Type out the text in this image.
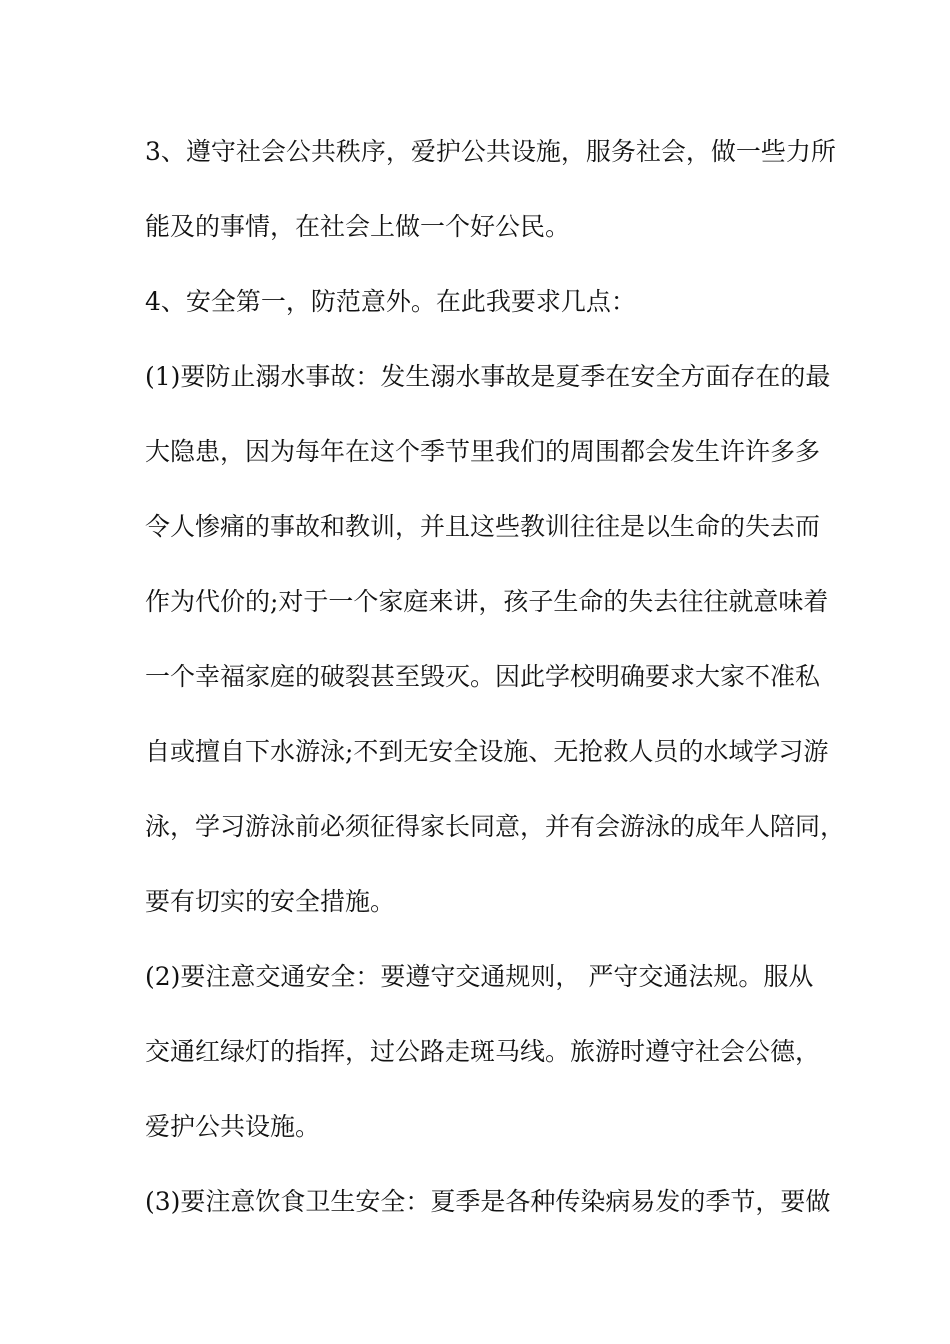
3、遵守社会公共秩序，爱护公共设施，服务社会，做一些力所
能及的事情，在社会上做一个好公民。
4、安全第一，防范意外。在此我要求几点：
(1)要防止溺水事故：发生溺水事故是夏季在安全方面存在的最
大隐患，因为每年在这个季节里我们的周围都会发生许许多多
令人惨痛的事故和教训，并且这些教训往往是以生命的失去而
作为代价的;对于一个家庭来讲，孩子生命的失去往往就意味着
一个幸福家庭的破裂甚至毁灭。因此学校明确要求大家不准私
自或擅自下水游泳;不到无安全设施、无抢救人员的水域学习游
泳，学习游泳前必须征得家长同意，并有会游泳的成年人陪同，
要有切实的安全措施。
(2)要注意交通安全：要遵守交通规则， 严守交通法规。服从
交通红绿灯的指挥，过公路走斑马线。旅游时遵守社会公德，
爱护公共设施。
(3)要注意饮食卫生安全：夏季是各种传染病易发的季节，要做
